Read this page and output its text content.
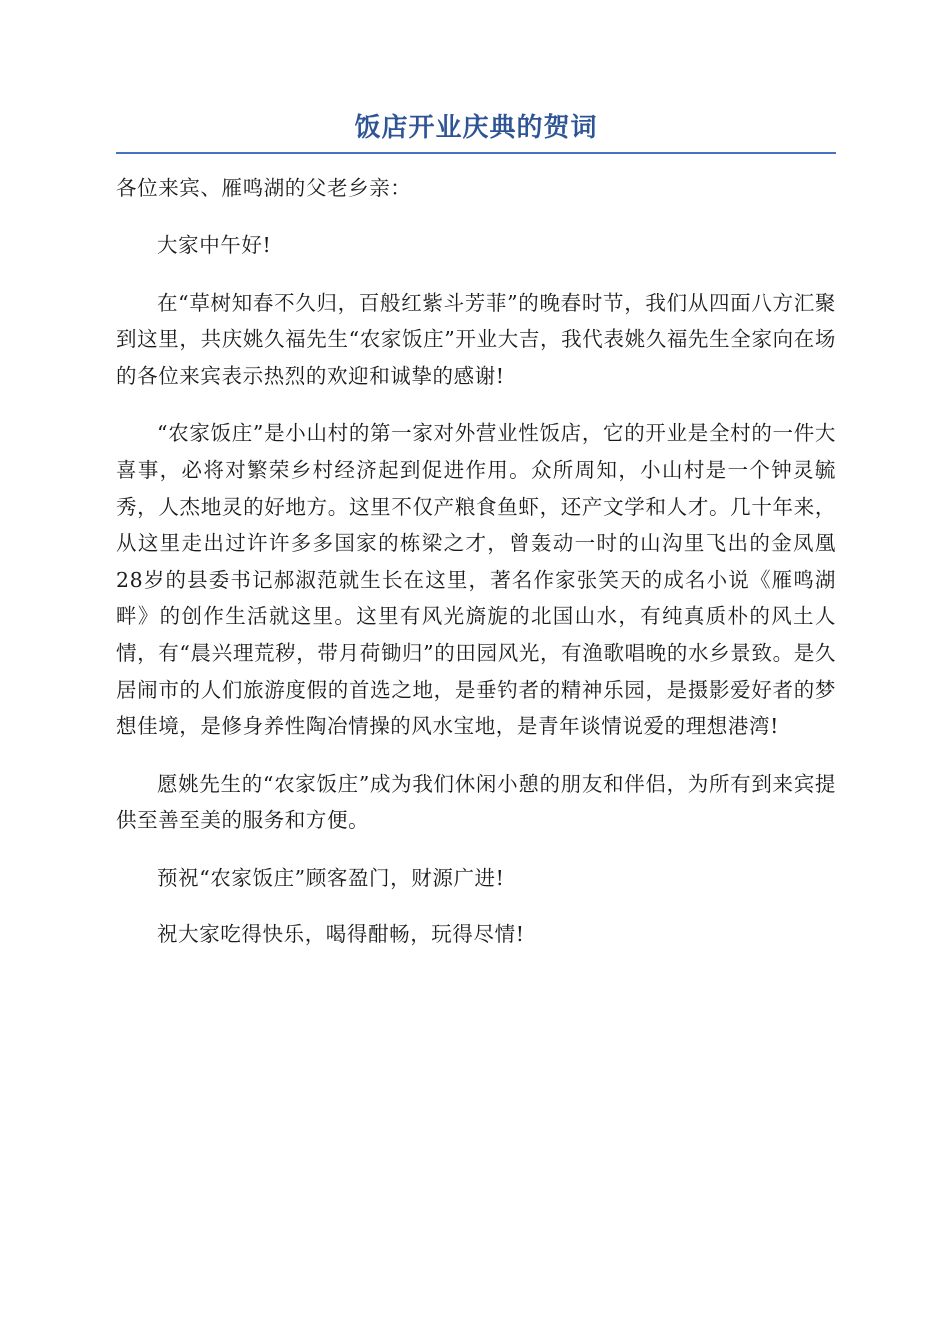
饭店开业庆典的贺词

各位来宾、雁鸣湖的父老乡亲：

大家中午好!

在“草树知春不久归，百般红紫斗芳菲”的晚春时节，我们从四面八方汇聚到这里，共庆姚久福先生“农家饭庄”开业大吉，我代表姚久福先生全家向在场的各位来宾表示热烈的欢迎和诚挚的感谢!

“农家饭庄”是小山村的第一家对外营业性饭店，它的开业是全村的一件大喜事，必将对繁荣乡村经济起到促进作用。众所周知，小山村是一个钟灵毓秀，人杰地灵的好地方。这里不仅产粮食鱼虾，还产文学和人才。几十年来，从这里走出过许许多多国家的栋梁之才，曾轰动一时的山沟里飞出的金凤凰28岁的县委书记郝淑范就生长在这里，著名作家张笑天的成名小说《雁鸣湖畔》的创作生活就这里。这里有风光旖旎的北国山水，有纯真质朴的风土人情，有“晨兴理荒秽，带月荷锄归”的田园风光，有渔歌唱晚的水乡景致。是久居闹市的人们旅游度假的首选之地，是垂钓者的精神乐园，是摄影爱好者的梦想佳境，是修身养性陶冶情操的风水宝地，是青年谈情说爱的理想港湾!

愿姚先生的“农家饭庄”成为我们休闲小憩的朋友和伴侣，为所有到来宾提供至善至美的服务和方便。

预祝“农家饭庄”顾客盈门，财源广进!

祝大家吃得快乐，喝得酣畅，玩得尽情!
